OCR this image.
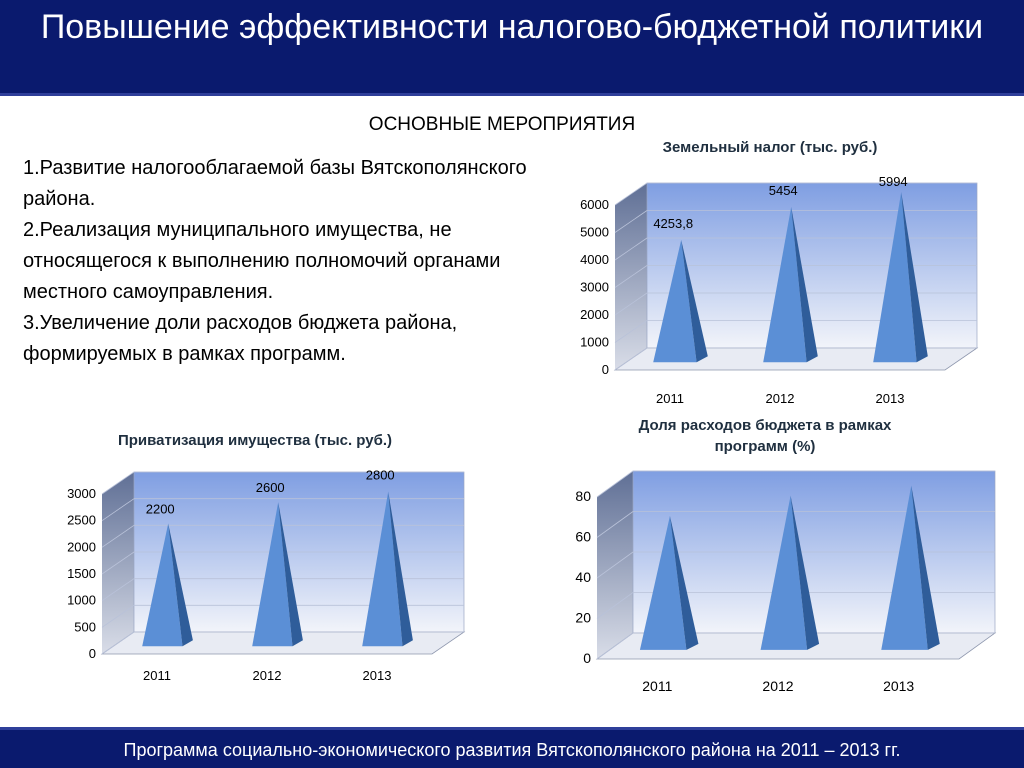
Повышение эффективности налогово-бюджетной политики
ОСНОВНЫЕ МЕРОПРИЯТИЯ
1.Развитие налогооблагаемой базы Вятскополянского района.
2.Реализация муниципального имущества, не относящегося к выполнению полномочий органами местного самоуправления.
3.Увеличение доли расходов бюджета района, формируемых в рамках программ.
Земельный налог (тыс. руб.)
0
1000
2000
3000
4000
5000
6000
2011
4253,8
2012
5454
2013
5994
Приватизация имущества (тыс. руб.)
0
500
1000
1500
2000
2500
3000
2011
2200
2012
2600
2013
2800
Доля расходов бюджета в рамках программ (%)
0
20
40
60
80
2011	2012	2013
Программа социально-экономического развития Вятскополянского района на 2011 – 2013 гг.
